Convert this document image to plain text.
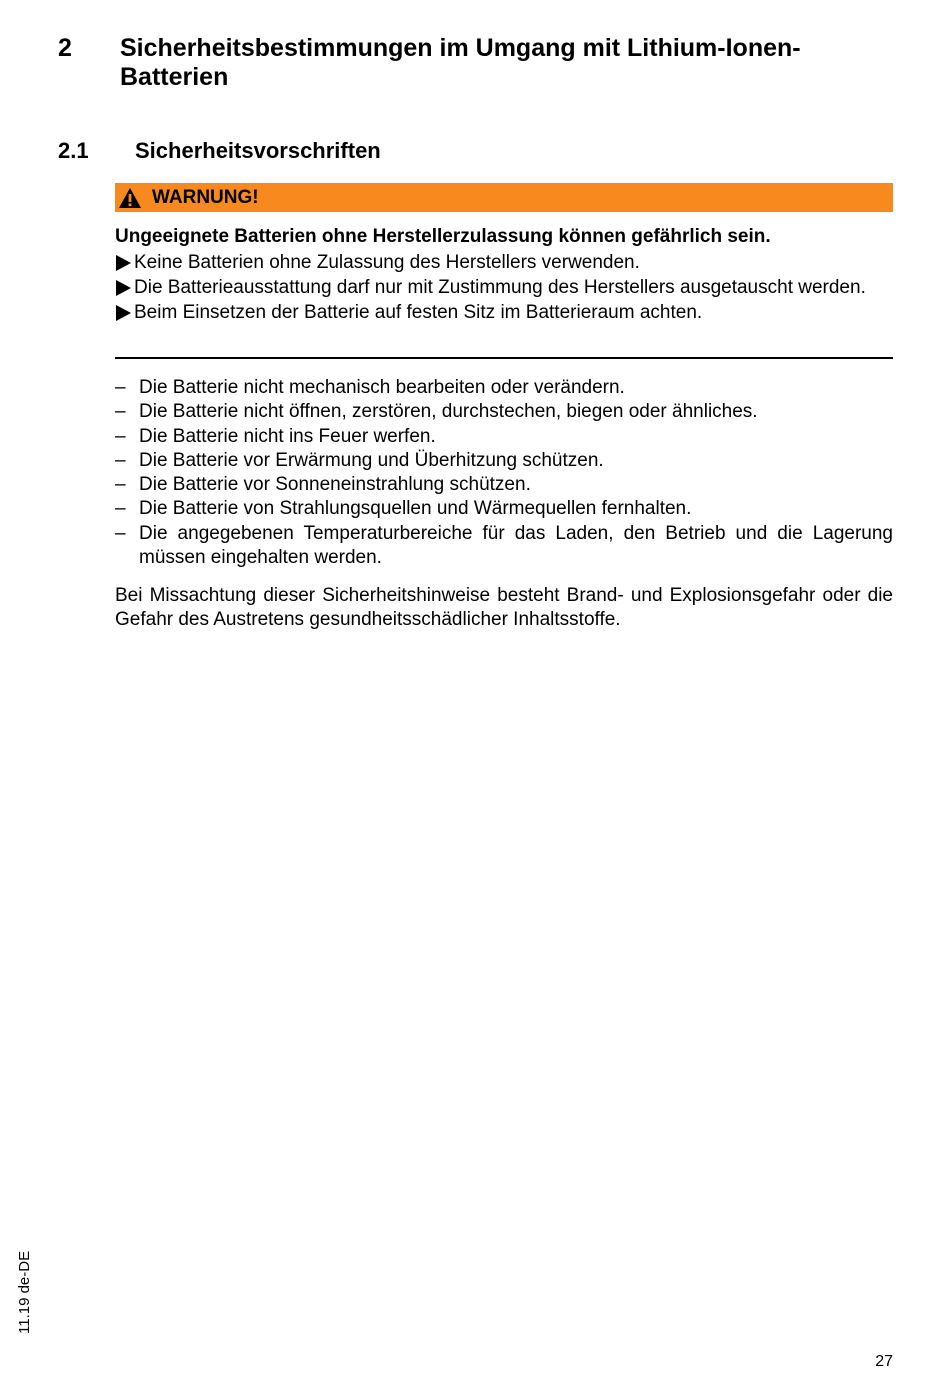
2 Sicherheitsbestimmungen im Umgang mit Lithium-Ionen-
Batterien
2.1 Sicherheitsvorschriften
WARNUNG!

Ungeeignete Batterien ohne Herstellerzulassung können gefährlich sein.

Keine Batterien ohne Zulassung des Herstellers verwenden.

Die Batterieausstattung darf nur mit Zustimmung des Herstellers ausgetauscht werden.

Beim Einsetzen der Batterie auf festen Sitz im Batterieraum achten.

– Die Batterie nicht mechanisch bearbeiten oder verändern.
– Die Batterie nicht öffnen, zerstören, durchstechen, biegen oder ähnliches.
– Die Batterie nicht ins Feuer werfen.
– Die Batterie vor Erwärmung und Überhitzung schützen.
– Die Batterie vor Sonneneinstrahlung schützen.
– Die Batterie von Strahlungsquellen und Wärmequellen fernhalten.
– Die angegebenen Temperaturbereiche für das Laden, den Betrieb und die Lagerung müssen eingehalten werden.

Bei Missachtung dieser Sicherheitshinweise besteht Brand- und Explosionsgefahr oder die Gefahr des Austretens gesundheitsschädlicher Inhaltsstoffe.

11.19 de-DE
27
